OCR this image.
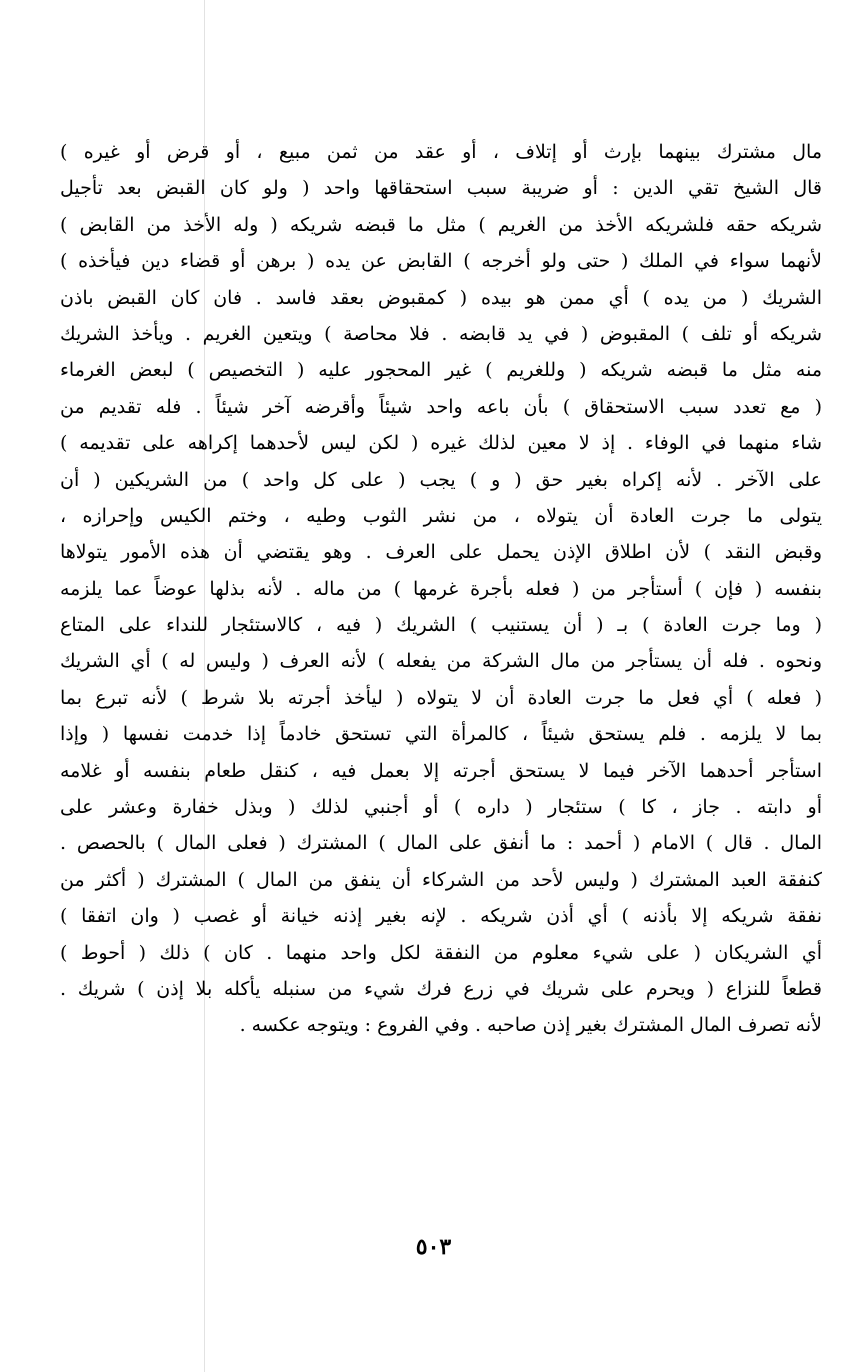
مال مشترك بينهما بإرث أو إتلاف ، أو عقد من ثمن مبيع ، أو قرض أو غيره )
قال الشيخ تقي الدين : أو ضريبة سبب استحقاقها واحد ( ولو كان القبض بعد تأجيل
شريكه حقه فلشريكه الأخذ من الغريم ) مثل ما قبضه شريكه ( وله الأخذ من القابض )
لأنهما سواء في الملك ( حتى ولو أخرجه ) القابض عن يده ( برهن أو قضاء دين فيأخذه )
الشريك ( من يده ) أي ممن هو بيده ( كمقبوض بعقد فاسد . فان كان القبض باذن
شريكه أو تلف ) المقبوض ( في يد قابضه . فلا محاصة ) ويتعين الغريم . ويأخذ الشريك
منه مثل ما قبضه شريكه ( وللغريم ) غير المحجور عليه ( التخصيص ) لبعض الغرماء
( مع تعدد سبب الاستحقاق ) بأن باعه واحد شيئاً وأقرضه آخر شيئاً . فله تقديم من
شاء منهما في الوفاء . إذ لا معين لذلك غيره ( لكن ليس لأحدهما إكراهه على تقديمه )
على الآخر . لأنه إكراه بغير حق ( و ) يجب ( على كل واحد ) من الشريكين ( أن
يتولى ما جرت العادة أن يتولاه ، من نشر الثوب وطيه ، وختم الكيس وإحرازه ،
وقبض النقد ) لأن اطلاق الإذن يحمل على العرف . وهو يقتضي أن هذه الأمور يتولاها
بنفسه ( فإن ) أستأجر من ( فعله بأجرة غرمها ) من ماله . لأنه بذلها عوضاً عما يلزمه
( وما جرت العادة ) بـ ( أن يستنيب ) الشريك ( فيه ، كالاستئجار للنداء على المتاع
ونحوه . فله أن يستأجر من مال الشركة من يفعله ) لأنه العرف ( وليس له ) أي الشريك
( فعله ) أي فعل ما جرت العادة أن لا يتولاه ( ليأخذ أجرته بلا شرط ) لأنه تبرع بما
بما لا يلزمه . فلم يستحق شيئاً ، كالمرأة التي تستحق خادماً إذا خدمت نفسها ( وإذا
استأجر أحدهما الآخر فيما لا يستحق أجرته إلا بعمل فيه ، كنقل طعام بنفسه أو غلامه
أو دابته . جاز ، كا ) ستئجار ( داره ) أو أجنبي لذلك ( وبذل خفارة وعشر على
المال . قال ) الامام ( أحمد : ما أنفق على المال ) المشترك ( فعلى المال ) بالحصص .
كنفقة العبد المشترك ( وليس لأحد من الشركاء أن ينفق من المال ) المشترك ( أكثر من
نفقة شريكه إلا بأذنه ) أي أذن شريكه . لإنه بغير إذنه خيانة أو غصب ( وان اتفقا )
أي الشريكان ( على شيء معلوم من النفقة لكل واحد منهما . كان ) ذلك ( أحوط )
قطعاً للنزاع ( ويحرم على شريك في زرع فرك شيء من سنبله يأكله بلا إذن ) شريك .
لأنه تصرف المال المشترك بغير إذن صاحبه . وفي الفروع : ويتوجه عكسه .
٥٠٣
